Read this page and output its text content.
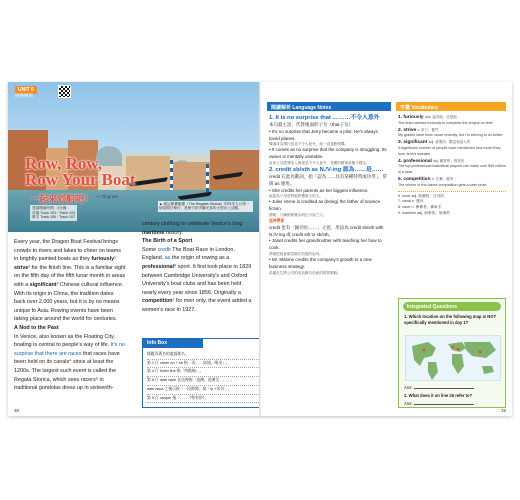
UNIT 6
運動樂園
Row, Row,
Row Your Boat
一起來划船吧！ — Ting Wu
建議閱讀時間：3分鐘
音檔 Track 103 · Track 104
單字 Track 106 · Track 107
▲ 威尼斯賽艇節（The Regatta Storica）的每年九月第一個星期日舉行，是吸引許多觀光客的大型水上活動。

Every year, the Dragon Boat Festival brings crowds to rivers and lakes to cheer on teams in brightly painted boats as they furiously¹ strive² for the finish line. This is a familiar sight on the fifth day of the fifth lunar month in areas with a significant³ Chinese cultural influence. With its origin in China, the tradition dates back over 2,000 years, but it is by no means unique to Asia. Rowing events have been taking place around the world for centuries.

A Nod to the Past

In Venice, also known as the Floating City, boating is central to people's way of life. It's no surprise that there are races that races have been held on its canals⁴ since at least the 1200s. The largest such event is called the Regata Storica, which sees racers⁵ in traditional gondolas dress up in sixteenth-

century clothing to celebrate Venice's long maritime history.

The Birth of a Sport

Some credit The Boat Race in London, England, as the origin of rowing as a professional⁶ sport. It first took place in 1829 between Cambridge University's and Oxford University's boat clubs and has been held nearly every year since 1856. Originally a competition⁷ for men only, the event added a women's race in 1927.

38
Info Box
標題為著名的童謠歌名。
第 2 行 cheer on + sb 指「為……加油、喝采」。
第 4 行 finish line 指「終點線」。
第 8 行 date back 在這裡指「追溯、追溯至……」。
date back 之後可接「一段時間」或「to +年份」。
第 9 行 unique 指「……（特有的）」
閱讀解析 Language Notes
1. It is no surprise that ... ……不令人意外
本句最主語，代替後面的子句（that子句）
• It's no surprise that Jerry became a pilot. He's always loved planes.
傑瑞成為飛行員並不令人意外，他一直喜歡飛機。
• It comes as no surprise that the company is struggling. Its owner is mentally unstable.
這家公司經營陷入困境並不令人意外，老闆的精神狀態不穩定。
2. credit sb/sth as N./V-ing 認為……是……
credit 在此為動詞，指「認為……具有某種特質或功勞」，常與 as 連用。
• She credits her parents as her biggest influence.
她認為父母是對她影響最大的人。
• Jules Verne is credited as (being) the father of science fiction.
儒勒・凡爾納被譽為科幻小說之父。
延伸學習
credit 也有「歸功於……」之意，用法為 credit sb/sth with N./V-ing 或 credit sth to sb/sth。
• Janet credits her grandmother with teaching her how to cook.
珍妮把她會做菜歸功於她的祖母。
• Mr. Malone credits the company's growth to a new business strategy.
馬龍先生將公司的成長歸功於新的經營策略。
字彙 Vocabulary
1. furiously adv. 猛烈地；狂熱地
The team worked furiously to complete the project on time.
2. strive v. 努力；奮鬥
My grades have been down recently, but I'm striving to do better.
3. significant adj. 重要的；數量相當大的
A significant number of people have mentioned how much they love Jenn's sweater.
4. professional adj. 職業的；專業的
The top professional basketball players can make over $40 million in a year.
5. competition n. 比賽；競爭
The winner of the dance competition gets a cash prize.
6. lunar adj. 陰曆的；月亮的
7. canal n. 運河
8. racer n. 參賽者；賽車手
9. maritime adj. 海事的；航海的
Integrated Questions
1. Which location on the following map is NOT specifically mentioned in day 1?
Ans:
2. What does it on line 26 refer to?
Ans:
39
